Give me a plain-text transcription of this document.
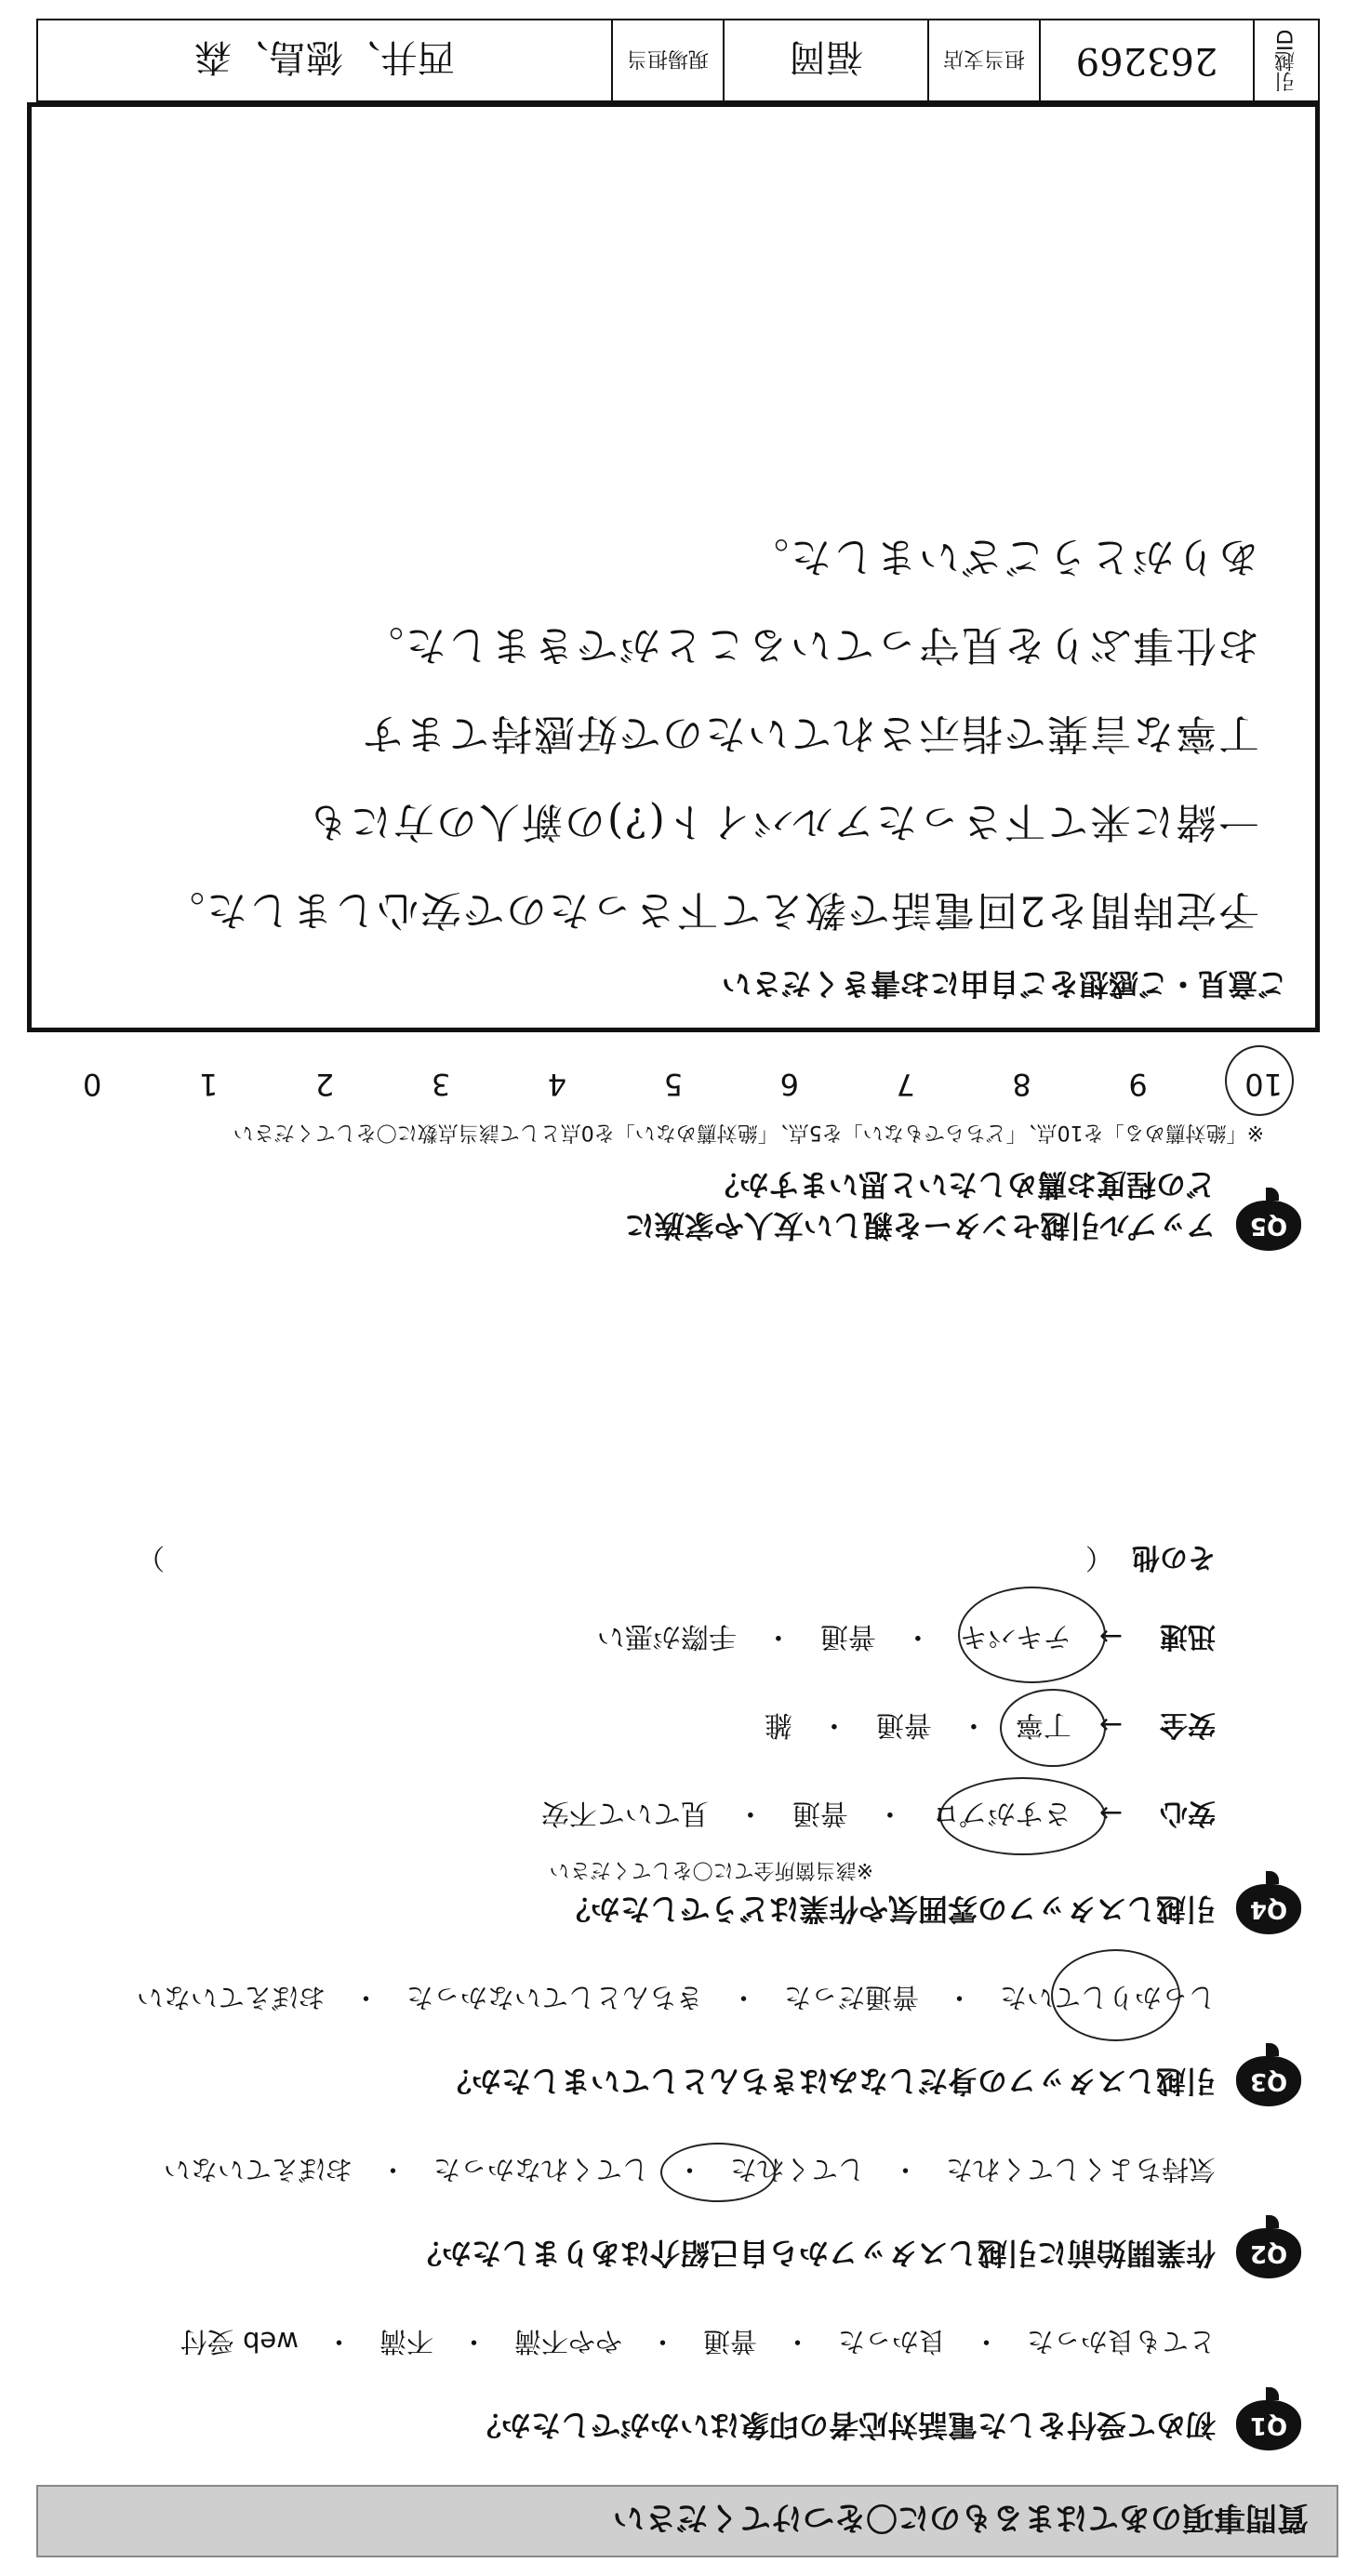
質問事項のあてはまるものに〇をつけてください
Q1
初めて受付をした電話対応者の印象はいかがでしたか？
とても良かった　・　良かった　・　普通　・　やや不満　・　不満　・　web 受付
Q2
作業開始前に引越しスタッフから自己紹介はありましたか？
気持ちよくしてくれた　・　してくれた　・　してくれなかった　・　おぼえていない
Q3
引越しスタッフの身だしなみはきちんとしていましたか？
しっかりしていた　・　普通だった　・　きちんとしていなかった　・　おぼえていない
Q4
引越しスタッフの雰囲気や作業はどうでしたか？
※該当箇所全てに〇をしてください
安心　→　さすがプロ　・　普通　・　見ていて不安
安全　→　丁寧　・　普通　・　雑
迅速　→　テキパキ　・　普通　・　手際が悪い
その他（　　　　　　　　　　　　　　　　　　　　　　　　　　　　　　　　　）
Q5
アップル引越センターを親しい友人や家族に
どの程度お薦めしたいと思いますか？
※「絶対薦める」を10点、「どちらでもない」を5点、「絶対薦めない」を0点として該当点数に〇をしてください
10
9
8
7
6
5
4
3
2
1
0
ご意見・ご感想をご自由にお書きください
予定時間を2回電話で教えて下さったので安心しました。
一緒に来て下さったアルバイト(?)の新人の方にも
丁寧な言葉で指示されていたので好感持てます
お仕事ぶりを見守っていることができました。
ありがとうございました。
引越ID
263269
担当支店
福岡
現場担当
西井、徳島、森
